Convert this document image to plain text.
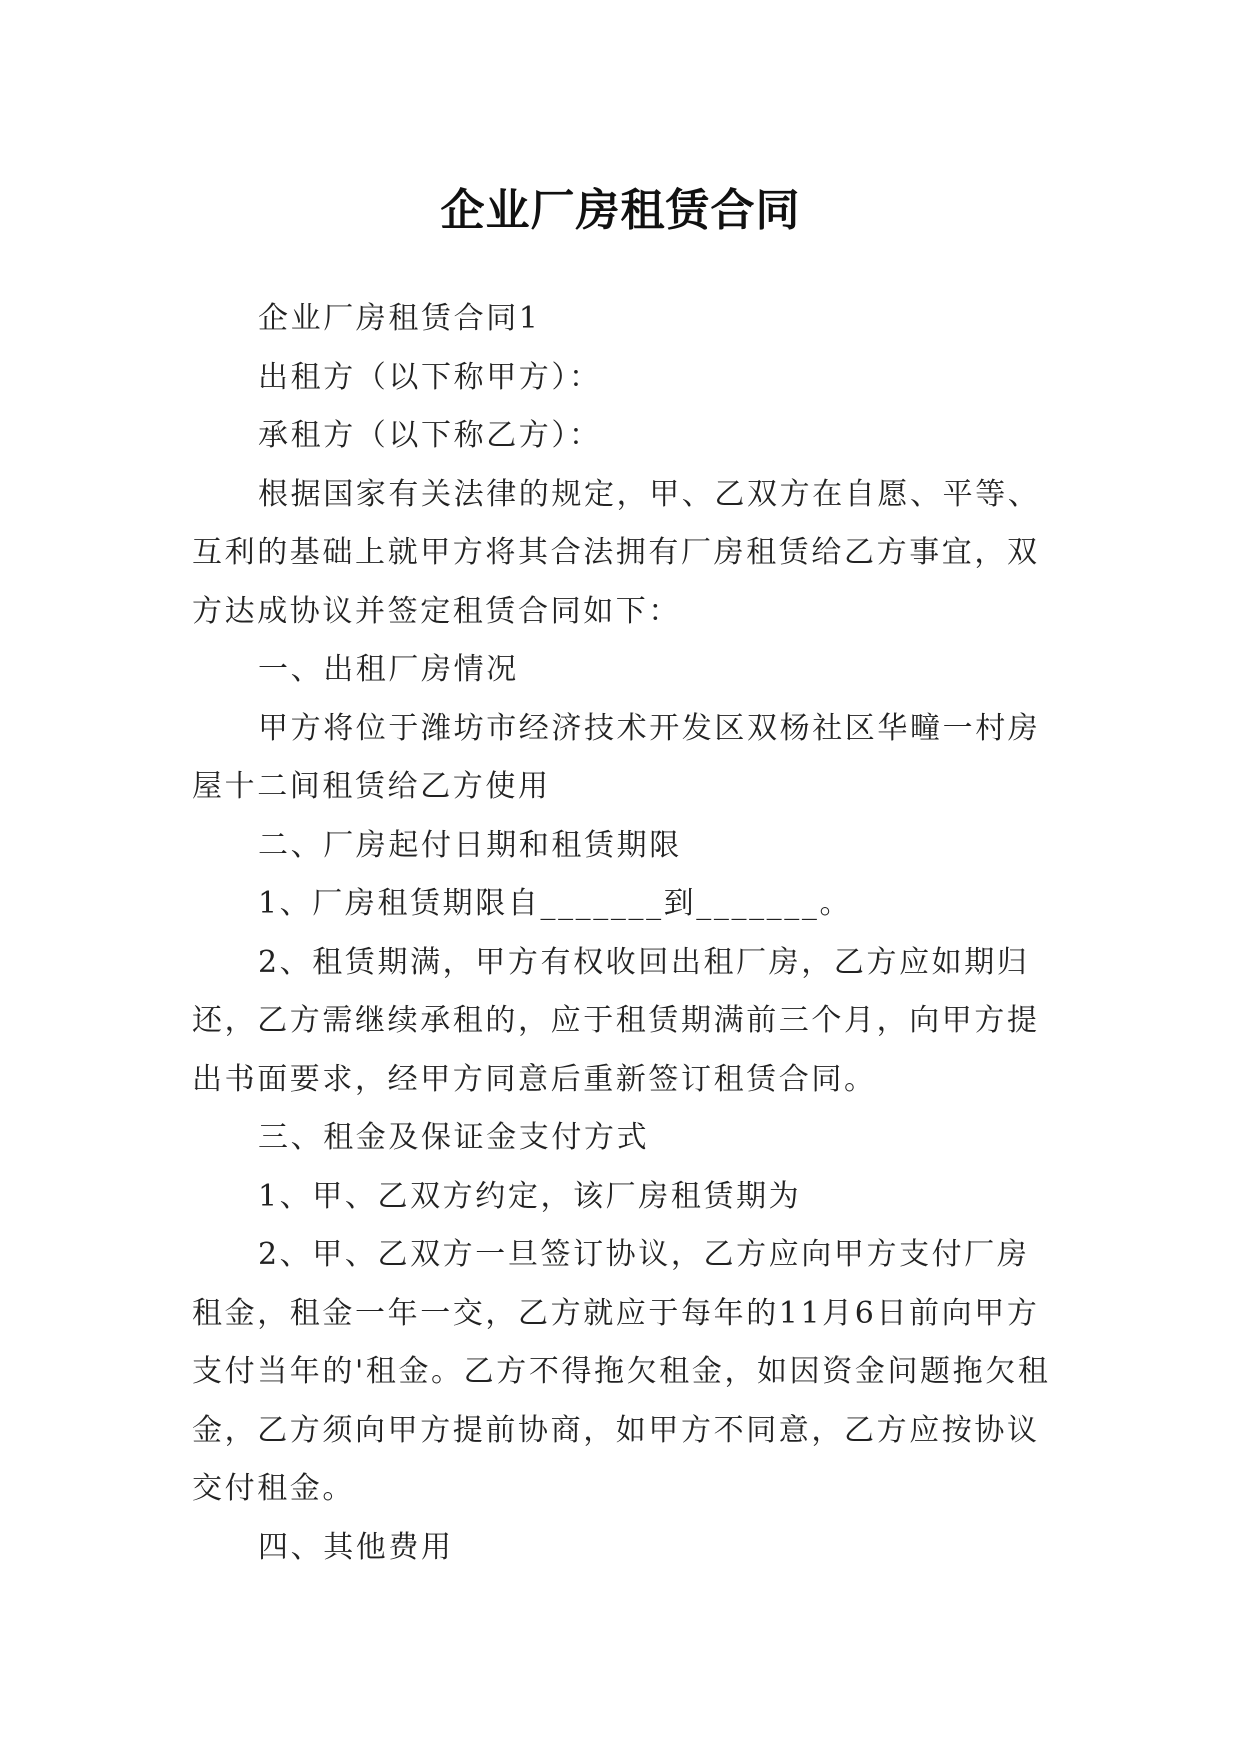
企业厂房租赁合同

企业厂房租赁合同1

出租方（以下称甲方）：

承租方（以下称乙方）：

根据国家有关法律的规定，甲、乙双方在自愿、平等、互利的基础上就甲方将其合法拥有厂房租赁给乙方事宜，双方达成协议并签定租赁合同如下：

一、出租厂房情况

甲方将位于潍坊市经济技术开发区双杨社区华疃一村房屋十二间租赁给乙方使用

二、厂房起付日期和租赁期限

1、厂房租赁期限自_______到_______。

2、租赁期满，甲方有权收回出租厂房，乙方应如期归还，乙方需继续承租的，应于租赁期满前三个月，向甲方提出书面要求，经甲方同意后重新签订租赁合同。

三、租金及保证金支付方式

1、甲、乙双方约定，该厂房租赁期为

2、甲、乙双方一旦签订协议，乙方应向甲方支付厂房租金，租金一年一交，乙方就应于每年的11月6日前向甲方支付当年的'租金。乙方不得拖欠租金，如因资金问题拖欠租金，乙方须向甲方提前协商，如甲方不同意，乙方应按协议交付租金。

四、其他费用
